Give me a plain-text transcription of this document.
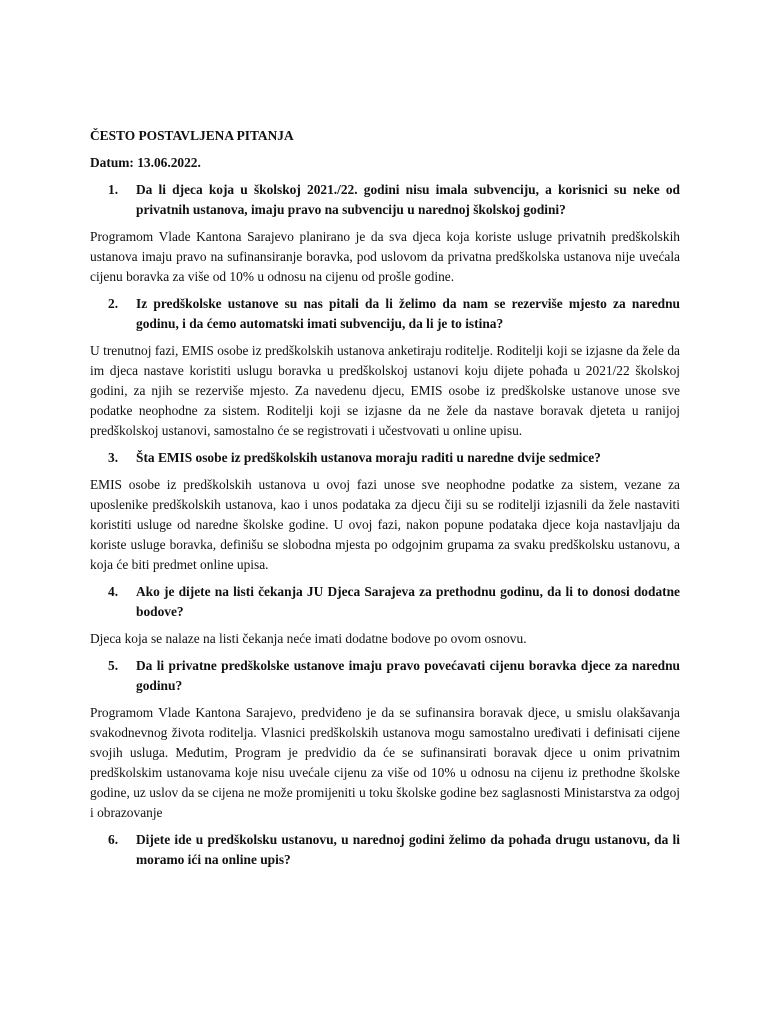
ČESTO POSTAVLJENA PITANJA
Datum: 13.06.2022.
1.	Da li djeca koja u školskoj 2021./22. godini nisu imala subvenciju, a korisnici su neke od privatnih ustanova, imaju pravo na subvenciju u narednoj školskoj godini?
Programom Vlade Kantona Sarajevo planirano je da sva djeca koja koriste usluge privatnih predškolskih ustanova imaju pravo na sufinansiranje boravka, pod uslovom da privatna predškolska ustanova nije uvećala cijenu boravka za više od 10% u odnosu na cijenu od prošle godine.
2.	Iz predškolske ustanove su nas pitali da li želimo da nam se rezerviše mjesto za narednu godinu, i da ćemo automatski imati subvenciju, da li je to istina?
U trenutnoj fazi, EMIS osobe iz predškolskih ustanova anketiraju roditelje. Roditelji koji se izjasne da žele da im djeca nastave koristiti uslugu boravka u predškolskoj ustanovi koju dijete pohađa u 2021/22 školskoj godini, za njih se rezerviše mjesto. Za navedenu djecu, EMIS osobe iz predškolske ustanove unose sve podatke neophodne za sistem. Roditelji koji se izjasne da ne žele da nastave boravak djeteta u ranijoj predškolskoj ustanovi, samostalno će se registrovati i učestvovati u online upisu.
3.	Šta EMIS osobe iz predškolskih ustanova moraju raditi u naredne dvije sedmice?
EMIS osobe iz predškolskih ustanova u ovoj fazi unose sve neophodne podatke za sistem, vezane za uposlenike predškolskih ustanova, kao i unos podataka za djecu čiji su se roditelji izjasnili da žele nastaviti koristiti usluge od naredne školske godine. U ovoj fazi, nakon popune podataka djece koja nastavljaju da koriste usluge boravka, definišu se slobodna mjesta po odgojnim grupama za svaku predškolsku ustanovu, a koja će biti predmet online upisa.
4.	Ako je dijete na listi čekanja JU Djeca Sarajeva za prethodnu godinu, da li to donosi dodatne bodove?
Djeca koja se nalaze na listi čekanja neće imati dodatne bodove po ovom osnovu.
5.	Da li privatne predškolske ustanove imaju pravo povećavati cijenu boravka djece za narednu godinu?
Programom Vlade Kantona Sarajevo, predviđeno je da se sufinansira boravak djece, u smislu olakšavanja svakodnevnog života roditelja. Vlasnici predškolskih ustanova mogu samostalno uređivati i definisati cijene svojih usluga. Međutim, Program je predvidio da će se sufinansirati boravak djece u onim privatnim predškolskim ustanovama koje nisu uvećale cijenu za više od 10% u odnosu na cijenu iz prethodne školske godine, uz uslov da se cijena ne može promijeniti u toku školske godine bez saglasnosti Ministarstva za odgoj i obrazovanje
6.	Dijete ide u predškolsku ustanovu, u narednoj godini želimo da pohađa drugu ustanovu, da li moramo ići na online upis?
